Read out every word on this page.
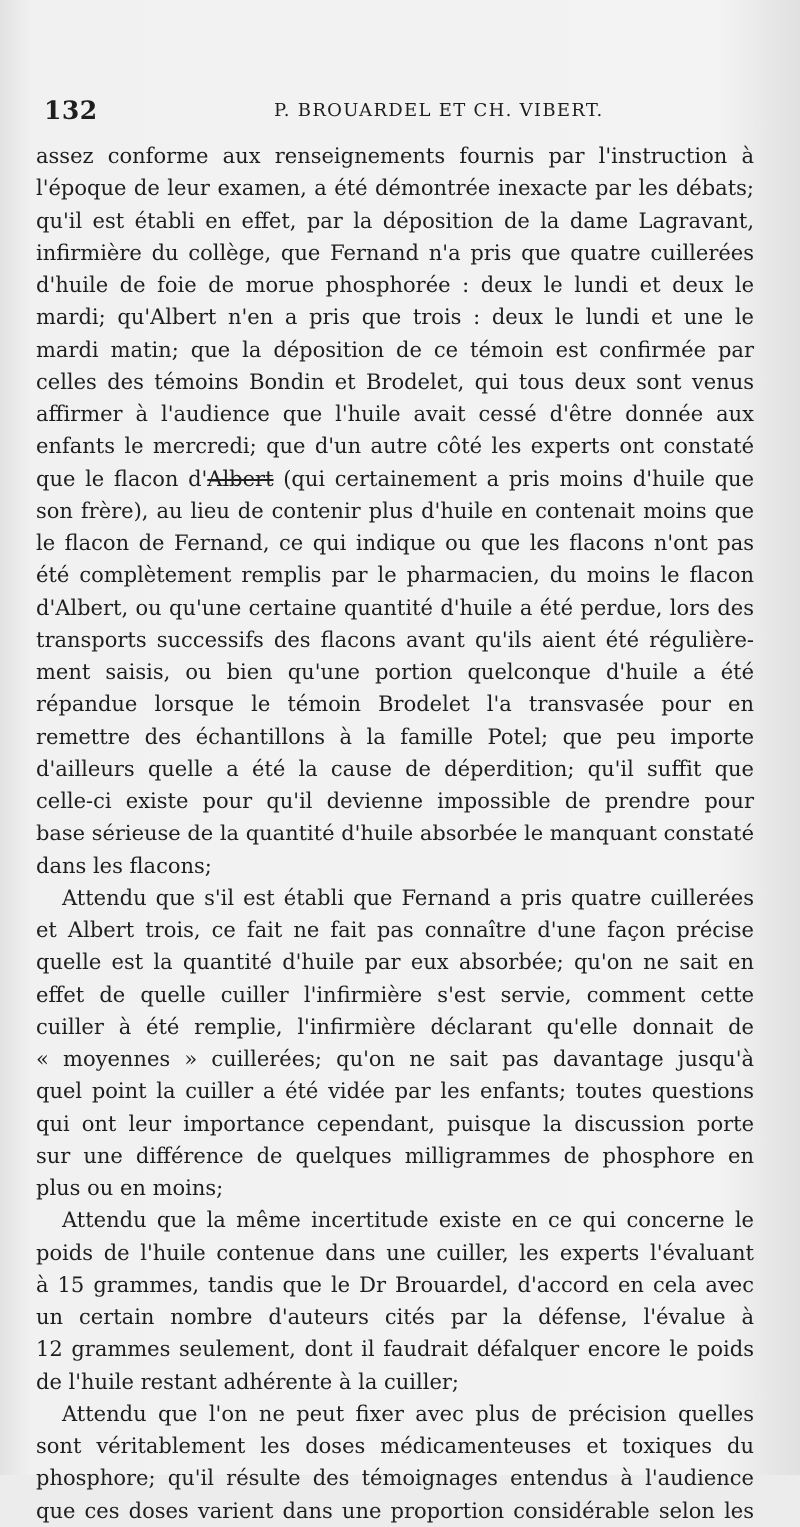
132	P. BROUARDEL ET CH. VIBERT.
assez conforme aux renseignements fournis par l'instruction à
l'époque de leur examen, a été démontrée inexacte par les débats;
qu'il est établi en effet, par la déposition de la dame Lagravant,
infirmière du collège, que Fernand n'a pris que quatre cuillerées
d'huile de foie de morue phosphorée : deux le lundi et deux le
mardi; qu'Albert n'en a pris que trois : deux le lundi et une le
mardi matin; que la déposition de ce témoin est confirmée par
celles des témoins Bondin et Brodelet, qui tous deux sont venus
affirmer à l'audience que l'huile avait cessé d'être donnée aux
enfants le mercredi; que d'un autre côté les experts ont constaté
que le flacon d'Albert (qui certainement a pris moins d'huile que
son frère), au lieu de contenir plus d'huile en contenait moins que
le flacon de Fernand, ce qui indique ou que les flacons n'ont pas
été complètement remplis par le pharmacien, du moins le flacon
d'Albert, ou qu'une certaine quantité d'huile a été perdue, lors des
transports successifs des flacons avant qu'ils aient été régulière-
ment saisis, ou bien qu'une portion quelconque d'huile a été
répandue lorsque le témoin Brodelet l'a transvasée pour en
remettre des échantillons à la famille Potel; que peu importe
d'ailleurs quelle a été la cause de déperdition; qu'il suffit que
celle-ci existe pour qu'il devienne impossible de prendre pour
base sérieuse de la quantité d'huile absorbée le manquant constaté
dans les flacons;
Attendu que s'il est établi que Fernand a pris quatre cuillerées
et Albert trois, ce fait ne fait pas connaître d'une façon précise
quelle est la quantité d'huile par eux absorbée; qu'on ne sait en
effet de quelle cuiller l'infirmière s'est servie, comment cette
cuiller à été remplie, l'infirmière déclarant qu'elle donnait de
« moyennes » cuillerées; qu'on ne sait pas davantage jusqu'à
quel point la cuiller a été vidée par les enfants; toutes questions
qui ont leur importance cependant, puisque la discussion porte
sur une différence de quelques milligrammes de phosphore en
plus ou en moins;
Attendu que la même incertitude existe en ce qui concerne le
poids de l'huile contenue dans une cuiller, les experts l'évaluant
à 15 grammes, tandis que le Dr Brouardel, d'accord en cela avec
un certain nombre d'auteurs cités par la défense, l'évalue à
12 grammes seulement, dont il faudrait défalquer encore le poids
de l'huile restant adhérente à la cuiller;
Attendu que l'on ne peut fixer avec plus de précision quelles
sont véritablement les doses médicamenteuses et toxiques du
phosphore; qu'il résulte des témoignages entendus à l'audience
que ces doses varient dans une proportion considérable selon les
